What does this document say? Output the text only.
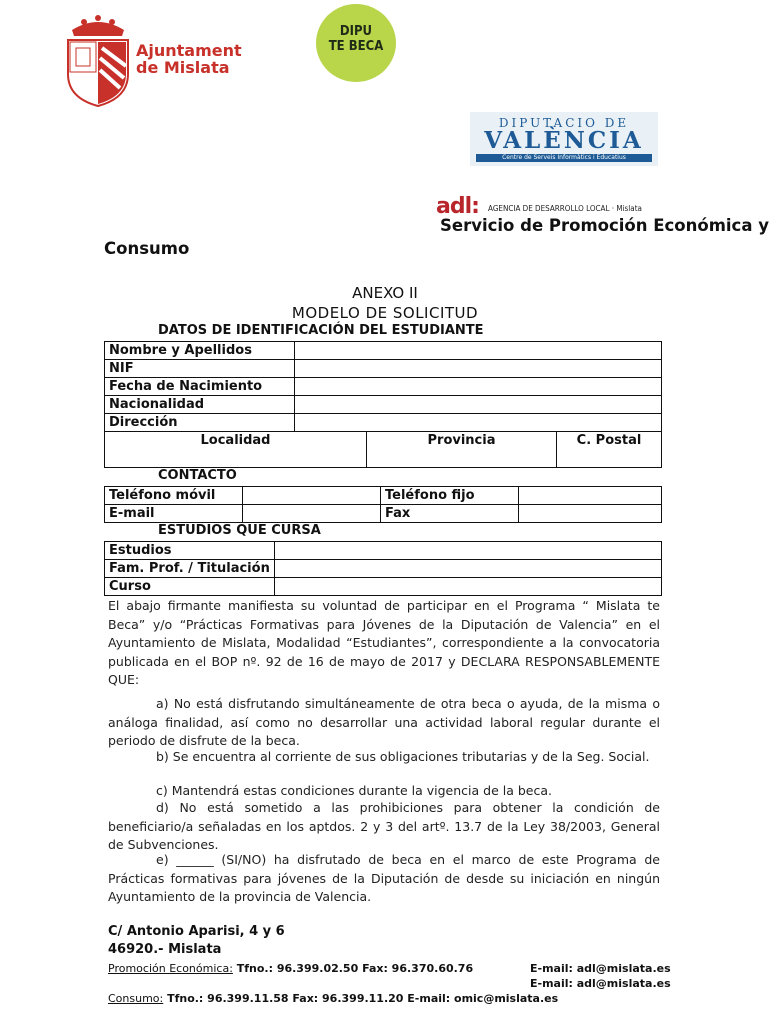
Ajuntament
de Mislata
DIPU
TE BECA
DIPUTACIO DE
VALÈNCIA
Centre de Serveis Informàtics i Educatius
adl: AGENCIA DE DESARROLLO LOCAL · Mislata
Servicio de Promoción Económica y
Consumo
ANEXO II
MODELO DE SOLICITUD
DATOS DE IDENTIFICACIÓN DEL ESTUDIANTE
Nombre y Apellidos	
NIF	
Fecha de Nacimiento	
Nacionalidad	
Dirección	
Localidad	Provincia	C. Postal
CONTACTO
Teléfono móvil		Teléfono fijo	
E-mail		Fax	
ESTUDIOS QUE CURSA
Estudios	
Fam. Prof. / Titulación	
Curso	
El abajo firmante manifiesta su voluntad de participar en el Programa “ Mislata te Beca” y/o “Prácticas Formativas para Jóvenes de la Diputación de Valencia” en el Ayuntamiento de Mislata, Modalidad “Estudiantes”, correspondiente a la convocatoria publicada en el BOP nº. 92 de 16 de mayo de 2017 y DECLARA RESPONSABLEMENTE QUE:
a) No está disfrutando simultáneamente de otra beca o ayuda, de la misma o análoga finalidad, así como no desarrollar una actividad laboral regular durante el periodo de disfrute de la beca.
b) Se encuentra al corriente de sus obligaciones tributarias y de la Seg. Social.
c) Mantendrá estas condiciones durante la vigencia de la beca.
d) No está sometido a las prohibiciones para obtener la condición de beneficiario/a señaladas en los aptdos. 2 y 3 del artº. 13.7 de la Ley 38/2003, General de Subvenciones.
e) ______ (SI/NO) ha disfrutado de beca en el marco de este Programa de Prácticas formativas para jóvenes de la Diputación de desde su iniciación en ningún Ayuntamiento de la provincia de Valencia.
C/ Antonio Aparisi, 4 y 6
46920.- Mislata
Promoción Económica: Tfno.: 96.399.02.50 Fax: 96.370.60.76	E-mail: adl@mislata.es
E-mail: adl@mislata.es
Consumo: Tfno.: 96.399.11.58 Fax: 96.399.11.20 E-mail: omic@mislata.es
